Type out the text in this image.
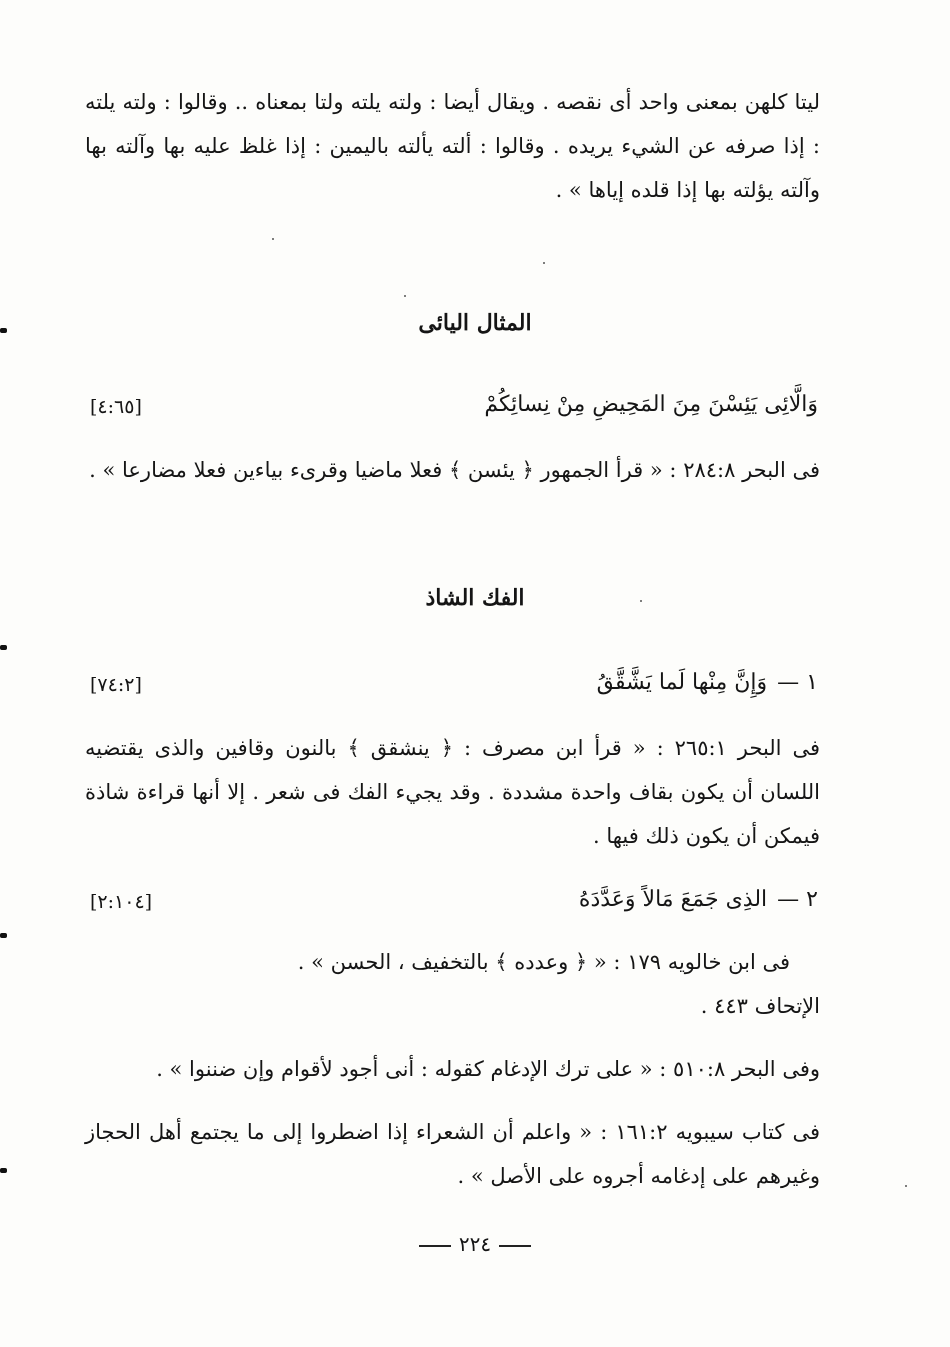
ليتا كلهن بمعنى واحد أى نقصه . ويقال أيضا : ولته يلته ولتا بمعناه .. وقالوا : ولته يلته : إذا صرفه عن الشيء يريده . وقالوا : ألته يألته باليمين : إذا غلظ عليه بها وآلته بها وآلته يؤلته بها إذا قلده إياها » .
المثال اليائى
وَالَّائِى يَئِسْنَ مِنَ المَحِيضِ مِنْ نِسائِكُمْ
[٤:٦٥]
فى البحر ٢٨٤:٨ : « قرأ الجمهور ﴿ يئسن ﴾ فعلا ماضيا وقرىء بياءين فعلا مضارعا » .
الفك الشاذ
١ —وَإِنَّ مِنْها لَما يَشَّقَّقُ
[٧٤:٢]
فى البحر ٢٦٥:١ : « قرأ ابن مصرف : ﴿ ينشقق ﴾ بالنون وقافين والذى يقتضيه اللسان أن يكون بقاف واحدة مشددة . وقد يجيء الفك فى شعر . إلا أنها قراءة شاذة فيمكن أن يكون ذلك فيها .
٢ —الذِى جَمَعَ مَالاً وَعَدَّدَهُ
[٢:١٠٤]
فى ابن خالويه ١٧٩ : « ﴿ وعدده ﴾ بالتخفيف ، الحسن » .
الإتحاف ٤٤٣ .
وفى البحر ٥١٠:٨ : « على ترك الإدغام كقوله : أنى أجود لأقوام وإن ضننوا » .
فى كتاب سيبويه ١٦١:٢ : « واعلم أن الشعراء إذا اضطروا إلى ما يجتمع أهل الحجاز وغيرهم على إدغامه أجروه على الأصل » .
٢٢٤
